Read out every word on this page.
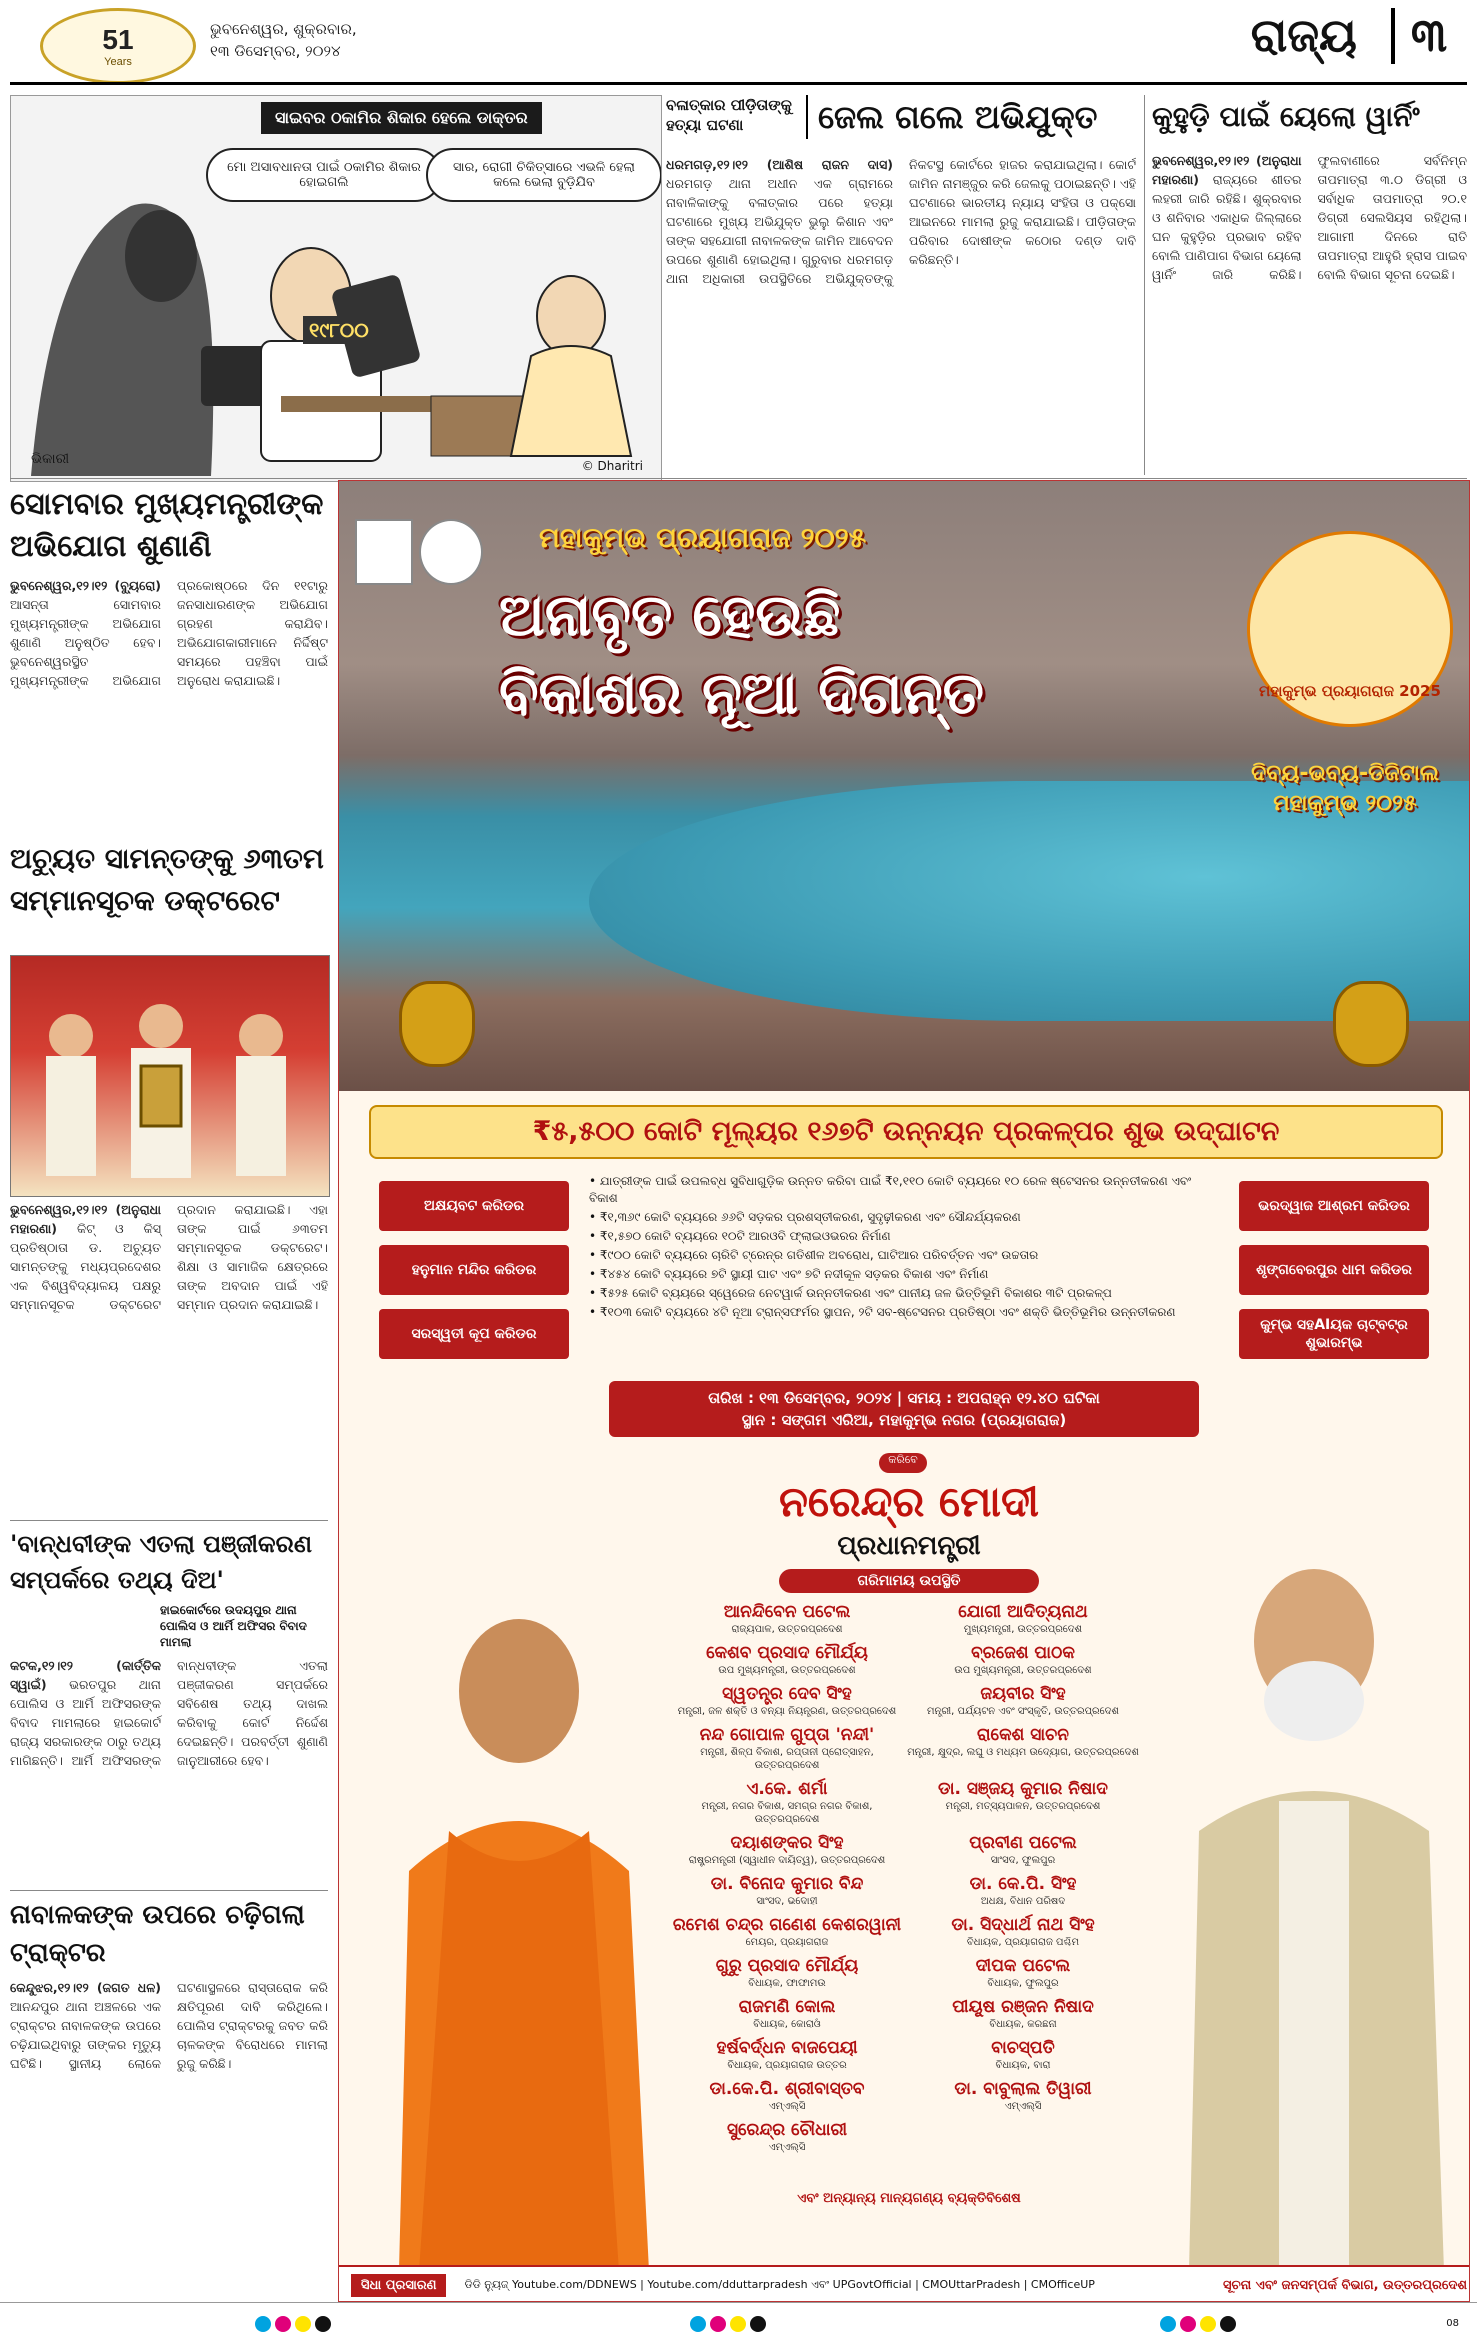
51
Years
ଭୁବନେଶ୍ୱର, ଶୁକ୍ରବାର,
୧୩ ଡିସେମ୍ବର, ୨୦୨୪	ରାଜ୍ୟ	୩
ସାଇବର ଠକାମିର ଶିକାର ହେଲେ ଡାକ୍ତର
ମୋ ଅସାବଧାନତା ପାଇଁ ଠକାମିର ଶିକାର ହୋଇଗଲି
ସାର, ରୋଗୀ ଚିକିତ୍ସାରେ ଏଭଳି ହେଲା କଲେ ଭେଲା ବୁଡ଼ିଯିବ
୧୯୮୦୦
ଭିକାରୀ	© Dharitri
ବଳାତ୍କାର ପୀଡ଼ିତାଙ୍କୁ ହତ୍ୟା ଘଟଣା	ଜେଲ ଗଲେ ଅଭିଯୁକ୍ତ
ଧରମଗଡ଼,୧୨।୧୨ (ଆଶିଷ ରାଜନ ଦାସ) ଧରମଗଡ଼ ଥାନା ଅଧୀନ ଏକ ଗ୍ରାମରେ ନାବାଳିକାଙ୍କୁ ବଳାତ୍କାର ପରେ ହତ୍ୟା ଘଟଣାରେ ମୁଖ୍ୟ ଅଭିଯୁକ୍ତ ଭୁଲୁ କିଶାନ ଏବଂ ତାଙ୍କ ସହଯୋଗୀ ନାବାଳକଙ୍କ ଜାମିନ ଆବେଦନ ଉପରେ ଶୁଣାଣି ହୋଇଥିଲା। ଗୁରୁବାର ଧରମଗଡ଼ ଥାନା ଅଧିକାରୀ ଉପସ୍ଥିତିରେ ଅଭିଯୁକ୍ତଙ୍କୁ ନିକଟସ୍ଥ କୋର୍ଟରେ ହାଜର କରାଯାଇଥିଲା। କୋର୍ଟ ଜାମିନ ନାମଞ୍ଜୁର କରି ଜେଲକୁ ପଠାଇଛନ୍ତି। ଏହି ଘଟଣାରେ ଭାରତୀୟ ନ୍ୟାୟ ସଂହିତା ଓ ପକ୍ସୋ ଆଇନରେ ମାମଲା ରୁଜୁ କରାଯାଇଛି। ପୀଡ଼ିତାଙ୍କ ପରିବାର ଦୋଷୀଙ୍କ କଠୋର ଦଣ୍ଡ ଦାବି କରିଛନ୍ତି।
କୁହୁଡ଼ି ପାଇଁ ୟେଲୋ ୱାର୍ନିଂ
ଭୁବନେଶ୍ୱର,୧୨।୧୨ (ଅନୁରାଧା ମହାରଣା) ରାଜ୍ୟରେ ଶୀତର ଲହରୀ ଜାରି ରହିଛି। ଶୁକ୍ରବାର ଓ ଶନିବାର ଏକାଧିକ ଜିଲ୍ଲାରେ ଘନ କୁହୁଡ଼ିର ପ୍ରଭାବ ରହିବ ବୋଲି ପାଣିପାଗ ବିଭାଗ ୟେଲୋ ୱାର୍ନିଂ ଜାରି କରିଛି। ଫୁଲବାଣୀରେ ସର୍ବନିମ୍ନ ତାପମାତ୍ରା ୩.୦ ଡିଗ୍ରୀ ଓ ସର୍ବାଧିକ ତାପମାତ୍ରା ୨୦.୧ ଡିଗ୍ରୀ ସେଲସିୟସ ରହିଥିଲା। ଆଗାମୀ ଦିନରେ ରାତି ତାପମାତ୍ରା ଆହୁରି ହ୍ରାସ ପାଇବ ବୋଲି ବିଭାଗ ସୂଚନା ଦେଇଛି।
ସୋମବାର ମୁଖ୍ୟମନ୍ତ୍ରୀଙ୍କ ଅଭିଯୋଗ ଶୁଣାଣି
ଭୁବନେଶ୍ୱର,୧୨।୧୨ (ବ୍ୟୁରୋ) ଆସନ୍ତା ସୋମବାର ମୁଖ୍ୟମନ୍ତ୍ରୀଙ୍କ ଅଭିଯୋଗ ଶୁଣାଣି ଅନୁଷ୍ଠିତ ହେବ। ଭୁବନେଶ୍ୱରସ୍ଥିତ ମୁଖ୍ୟମନ୍ତ୍ରୀଙ୍କ ଅଭିଯୋଗ ପ୍ରକୋଷ୍ଠରେ ଦିନ ୧୧ଟାରୁ ଜନସାଧାରଣଙ୍କ ଅଭିଯୋଗ ଗ୍ରହଣ କରାଯିବ। ଅଭିଯୋଗକାରୀମାନେ ନିର୍ଦ୍ଦିଷ୍ଟ ସମୟରେ ପହଞ୍ଚିବା ପାଇଁ ଅନୁରୋଧ କରାଯାଇଛି।
ଅଚ୍ୟୁତ ସାମନ୍ତଙ୍କୁ ୬୩ତମ ସମ୍ମାନସୂଚକ ଡକ୍ଟରେଟ
ଭୁବନେଶ୍ୱର,୧୨।୧୨ (ଅନୁରାଧା ମହାରଣା) କିଟ୍ ଓ କିସ୍ ପ୍ରତିଷ୍ଠାତା ଡ. ଅଚ୍ୟୁତ ସାମନ୍ତଙ୍କୁ ମଧ୍ୟପ୍ରଦେଶର ଏକ ବିଶ୍ୱବିଦ୍ୟାଳୟ ପକ୍ଷରୁ ସମ୍ମାନସୂଚକ ଡକ୍ଟରେଟ ପ୍ରଦାନ କରାଯାଇଛି। ଏହା ତାଙ୍କ ପାଇଁ ୬୩ତମ ସମ୍ମାନସୂଚକ ଡକ୍ଟରେଟ। ଶିକ୍ଷା ଓ ସାମାଜିକ କ୍ଷେତ୍ରରେ ତାଙ୍କ ଅବଦାନ ପାଇଁ ଏହି ସମ୍ମାନ ପ୍ରଦାନ କରାଯାଇଛି।
'ବାନ୍ଧବୀଙ୍କ ଏତଲା ପଞ୍ଜୀକରଣ ସମ୍ପର୍କରେ ତଥ୍ୟ ଦିଅ'
ହାଇକୋର୍ଟରେ ଉଦୟପୁର ଥାନା ପୋଲିସ ଓ ଆର୍ମି ଅଫିସର ବିବାଦ ମାମଲା
କଟକ,୧୨।୧୨ (କାର୍ତ୍ତିକ ସ୍ୱାଇଁ) ଭରତପୁର ଥାନା ପୋଲିସ ଓ ଆର୍ମି ଅଫିସରଙ୍କ ବିବାଦ ମାମଲାରେ ହାଇକୋର୍ଟ ରାଜ୍ୟ ସରକାରଙ୍କ ଠାରୁ ତଥ୍ୟ ମାଗିଛନ୍ତି। ଆର୍ମି ଅଫିସରଙ୍କ ବାନ୍ଧବୀଙ୍କ ଏତଲା ପଞ୍ଜୀକରଣ ସମ୍ପର୍କରେ ସବିଶେଷ ତଥ୍ୟ ଦାଖଲ କରିବାକୁ କୋର୍ଟ ନିର୍ଦ୍ଦେଶ ଦେଇଛନ୍ତି। ପରବର୍ତ୍ତୀ ଶୁଣାଣି ଜାନୁଆରୀରେ ହେବ।
ନାବାଳକଙ୍କ ଉପରେ ଚଢ଼ିଗଲା ଟ୍ରାକ୍ଟର
କେନ୍ଦୁଝର,୧୨।୧୨ (ଜଗତ ଧଳ) ଆନନ୍ଦପୁର ଥାନା ଅଞ୍ଚଳରେ ଏକ ଟ୍ରାକ୍ଟର ନାବାଳକଙ୍କ ଉପରେ ଚଢ଼ିଯାଇଥିବାରୁ ତାଙ୍କର ମୃତ୍ୟୁ ଘଟିଛି। ସ୍ଥାନୀୟ ଲୋକେ ଘଟଣାସ୍ଥଳରେ ରାସ୍ତାରୋକ କରି କ୍ଷତିପୂରଣ ଦାବି କରିଥିଲେ। ପୋଲିସ ଟ୍ରାକ୍ଟରକୁ ଜବତ କରି ଚାଳକଙ୍କ ବିରୋଧରେ ମାମଲା ରୁଜୁ କରିଛି।
ମହାକୁମ୍ଭ ପ୍ରୟାଗରାଜ ୨୦୨୫
ଅନାବୃତ ହେଉଛି
ବିକାଶର ନୂଆ ଦିଗନ୍ତ	ମହାକୁମ୍ଭ ପ୍ରୟାଗରାଜ 2025
ଦିବ୍ୟ-ଭବ୍ୟ-ଡିଜିଟାଲ
ମହାକୁମ୍ଭ ୨୦୨୫
₹୫,୫୦୦ କୋଟି ମୂଲ୍ୟର ୧୬୭ଟି ଉନ୍ନୟନ ପ୍ରକଳ୍ପର ଶୁଭ ଉଦ୍‌ଘାଟନ
• ଯାତ୍ରୀଙ୍କ ପାଇଁ ଉପଲବ୍ଧ ସୁବିଧାଗୁଡ଼ିକ ଉନ୍ନତ କରିବା ପାଇଁ ₹୧,୧୧୦ କୋଟି ବ୍ୟୟରେ ୧୦ ରେଳ ଷ୍ଟେସନର ଉନ୍ନତୀକରଣ ଏବଂ ବିକାଶ
• ₹୧,୩୬୯ କୋଟି ବ୍ୟୟରେ ୬୬ଟି ସଡ଼କର ପ୍ରଶସ୍ତୀକରଣ, ସୁଦୃଢ଼ୀକରଣ ଏବଂ ସୌନ୍ଦର୍ଯ୍ୟକରଣ
• ₹୧,୫୭୦ କୋଟି ବ୍ୟୟରେ ୧୦ଟି ଆରଓବି ଫ୍ଲାଇଓଭରର ନିର୍ମାଣ
• ₹୯୦୦ କୋଟି ବ୍ୟୟରେ ଚାରିଟି ଟ୍ରେନ୍‌ର ଗତିଶୀଳ ଅବରୋଧ, ଘାଟିଆର ପରିବର୍ତ୍ତନ ଏବଂ ଉଚ୍ଚତାର
• ₹୪୫୪ କୋଟି ବ୍ୟୟରେ ୭ଟି ସ୍ଥାୟୀ ଘାଟ ଏବଂ ୭ଟି ନଦୀକୂଳ ସଡ଼କର ବିକାଶ ଏବଂ ନିର୍ମାଣ
• ₹୫୨୫ କୋଟି ବ୍ୟୟରେ ସ୍ୱେରେଜ ନେଟୱାର୍କ ଉନ୍ନତୀକରଣ ଏବଂ ପାନୀୟ ଜଳ ଭିତ୍ତିଭୂମି ବିକାଶର ୩ଟି ପ୍ରକଳ୍ପ
• ₹୧୦୩ କୋଟି ବ୍ୟୟରେ ୪ଟି ନୂଆ ଟ୍ରାନ୍ସଫର୍ମର ସ୍ଥାପନ, ୨ଟି ସବ-ଷ୍ଟେସନର ପ୍ରତିଷ୍ଠା ଏବଂ ଶକ୍ତି ଭିତ୍ତିଭୂମିର ଉନ୍ନତୀକରଣ
ଅକ୍ଷୟବଟ କରିଡର
ହନୁମାନ ମନ୍ଦିର କରିଡର
ସରସ୍ୱତୀ କୂପ କରିଡର
ଭରଦ୍ୱାଜ ଆଶ୍ରମ କରିଡର
ଶୃଙ୍ଗବେରପୁର ଧାମ କରିଡର
କୁମ୍ଭ ସହAIୟକ ଚାଟ୍‌ବଟ୍‌ର ଶୁଭାରମ୍ଭ
ତାରିଖ : ୧୩ ଡିସେମ୍ବର, ୨୦୨୪ | ସମୟ : ଅପରାହ୍ନ ୧୨.୪୦ ଘଟିକା
ସ୍ଥାନ : ସଙ୍ଗମ ଏରିଆ, ମହାକୁମ୍ଭ ନଗର (ପ୍ରୟାଗରାଜ)
କରିବେ
ନରେନ୍ଦ୍ର ମୋଦୀ
ପ୍ରଧାନମନ୍ତ୍ରୀ
ଗରିମାମୟ ଉପସ୍ଥିତି
ଆନନ୍ଦିବେନ ପଟେଲ
ରାଜ୍ୟପାଳ, ଉତ୍ତରପ୍ରଦେଶ
ଯୋଗୀ ଆଦିତ୍ୟନାଥ
ମୁଖ୍ୟମନ୍ତ୍ରୀ, ଉତ୍ତରପ୍ରଦେଶ
କେଶବ ପ୍ରସାଦ ମୌର୍ଯ୍ୟ
ଉପ ମୁଖ୍ୟମନ୍ତ୍ରୀ, ଉତ୍ତରପ୍ରଦେଶ
ବ୍ରଜେଶ ପାଠକ
ଉପ ମୁଖ୍ୟମନ୍ତ୍ରୀ, ଉତ୍ତରପ୍ରଦେଶ
ସ୍ୱତନ୍ତ୍ର ଦେବ ସିଂହ
ମନ୍ତ୍ରୀ, ଜଳ ଶକ୍ତି ଓ ବନ୍ୟା ନିୟନ୍ତ୍ରଣ, ଉତ୍ତରପ୍ରଦେଶ
ଜୟବୀର ସିଂହ
ମନ୍ତ୍ରୀ, ପର୍ଯ୍ୟଟନ ଏବଂ ସଂସ୍କୃତି, ଉତ୍ତରପ୍ରଦେଶ
ନନ୍ଦ ଗୋପାଳ ଗୁପ୍ତା 'ନନ୍ଦୀ'
ମନ୍ତ୍ରୀ, ଶିଳ୍ପ ବିକାଶ, ରପ୍ତାନୀ ପ୍ରୋତ୍ସାହନ, ଉତ୍ତରପ୍ରଦେଶ
ରାକେଶ ସାଚନ
ମନ୍ତ୍ରୀ, କ୍ଷୁଦ୍ର, ଲଘୁ ଓ ମଧ୍ୟମ ଉଦ୍ୟୋଗ, ଉତ୍ତରପ୍ରଦେଶ
ଏ.କେ. ଶର୍ମା
ମନ୍ତ୍ରୀ, ନଗର ବିକାଶ, ସମଗ୍ର ନଗର ବିକାଶ, ଉତ୍ତରପ୍ରଦେଶ
ଡା. ସଞ୍ଜୟ କୁମାର ନିଷାଦ
ମନ୍ତ୍ରୀ, ମତ୍ସ୍ୟପାଳନ, ଉତ୍ତରପ୍ରଦେଶ
ଦୟାଶଙ୍କର ସିଂହ
ରାଷ୍ଟ୍ରମନ୍ତ୍ରୀ (ସ୍ୱାଧୀନ ଦାୟିତ୍ୱ), ଉତ୍ତରପ୍ରଦେଶ
ପ୍ରବୀଣ ପଟେଲ
ସାଂସଦ, ଫୁଲପୁର
ଡା. ବିନୋଦ କୁମାର ବିନ୍ଦ
ସାଂସଦ, ଭଦୋହୀ
ଡା. କେ.ପି. ସିଂହ
ଅଧକ୍ଷ, ବିଧାନ ପରିଷଦ
ରମେଶ ଚନ୍ଦ୍ର ଗଣେଶ କେଶରୱାନୀ
ମେୟର, ପ୍ରୟାଗରାଜ
ଡା. ସିଦ୍ଧାର୍ଥ ନାଥ ସିଂହ
ବିଧାୟକ, ପ୍ରୟାଗରାଜ ପଶ୍ଚିମ
ଗୁରୁ ପ୍ରସାଦ ମୌର୍ଯ୍ୟ
ବିଧାୟକ, ଫାଫାମଉ
ଦୀପକ ପଟେଲ
ବିଧାୟକ, ଫୁଲପୁର
ରାଜମଣି କୋଲ
ବିଧାୟକ, କୋରାଓଁ
ପୀୟୂଷ ରଞ୍ଜନ ନିଷାଦ
ବିଧାୟକ, କରଛନା
ହର୍ଷବର୍ଦ୍ଧନ ବାଜପେୟୀ
ବିଧାୟକ, ପ୍ରୟାଗରାଜ ଉତ୍ତର
ବାଚସ୍ପତି
ବିଧାୟକ, ବାରା
ଡା.କେ.ପି. ଶ୍ରୀବାସ୍ତବ
ଏମ୍‌ଏଲ୍‌ସି
ଡା. ବାବୁଲାଲ ତିୱାରୀ
ଏମ୍‌ଏଲ୍‌ସି
ସୁରେନ୍ଦ୍ର ଚୌଧାରୀ
ଏମ୍‌ଏଲ୍‌ସି
ଏବଂ ଅନ୍ୟାନ୍ୟ ମାନ୍ୟଗଣ୍ୟ ବ୍ୟକ୍ତିବିଶେଷ
ସିଧା ପ୍ରସାରଣ	ଡିଡି ନ୍ୟୁଜ୍ Youtube.com/DDNEWS | Youtube.com/dduttarpradesh ଏବଂ UPGovtOfficial | CMOUttarPradesh | CMOfficeUP	ସୂଚନା ଏବଂ ଜନସମ୍ପର୍କ ବିଭାଗ, ଉତ୍ତରପ୍ରଦେଶ
08
